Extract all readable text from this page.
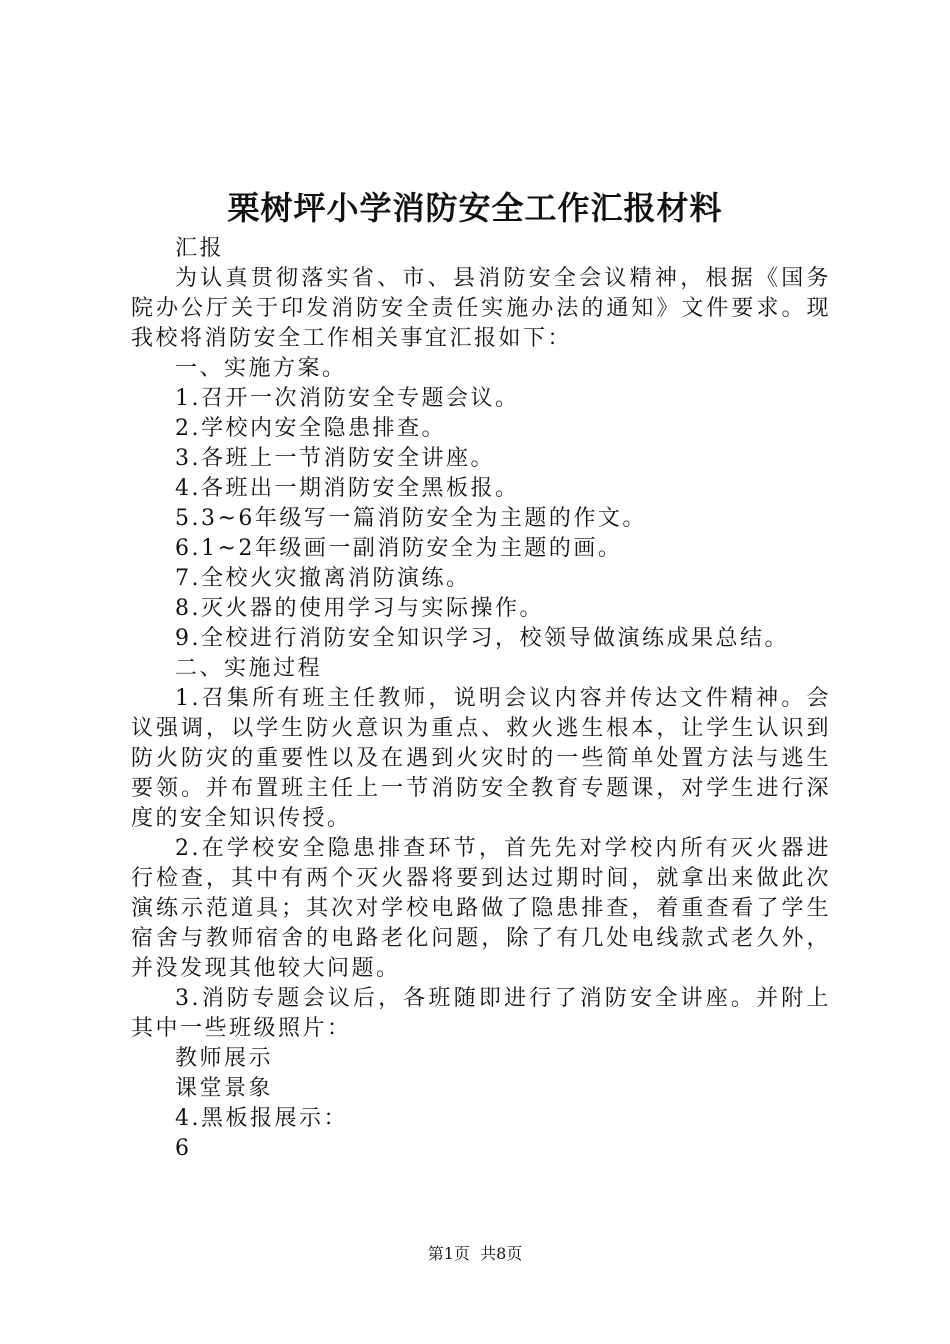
栗树坪小学消防安全工作汇报材料

汇报

为认真贯彻落实省、市、县消防安全会议精神，根据《国务院办公厅关于印发消防安全责任实施办法的通知》文件要求。现我校将消防安全工作相关事宜汇报如下：

一、实施方案。

1.召开一次消防安全专题会议。

2.学校内安全隐患排查。

3.各班上一节消防安全讲座。

4.各班出一期消防安全黑板报。

5.3~6年级写一篇消防安全为主题的作文。

6.1~2年级画一副消防安全为主题的画。

7.全校火灾撤离消防演练。

8.灭火器的使用学习与实际操作。

9.全校进行消防安全知识学习，校领导做演练成果总结。

二、实施过程

1.召集所有班主任教师，说明会议内容并传达文件精神。会议强调，以学生防火意识为重点、救火逃生根本，让学生认识到防火防灾的重要性以及在遇到火灾时的一些简单处置方法与逃生要领。并布置班主任上一节消防安全教育专题课，对学生进行深度的安全知识传授。

2.在学校安全隐患排查环节，首先先对学校内所有灭火器进行检查，其中有两个灭火器将要到达过期时间，就拿出来做此次演练示范道具；其次对学校电路做了隐患排查，着重查看了学生宿舍与教师宿舍的电路老化问题，除了有几处电线款式老久外，并没发现其他较大问题。

3.消防专题会议后，各班随即进行了消防安全讲座。并附上其中一些班级照片：

教师展示

课堂景象

4.黑板报展示：

6

第1页  共8页
